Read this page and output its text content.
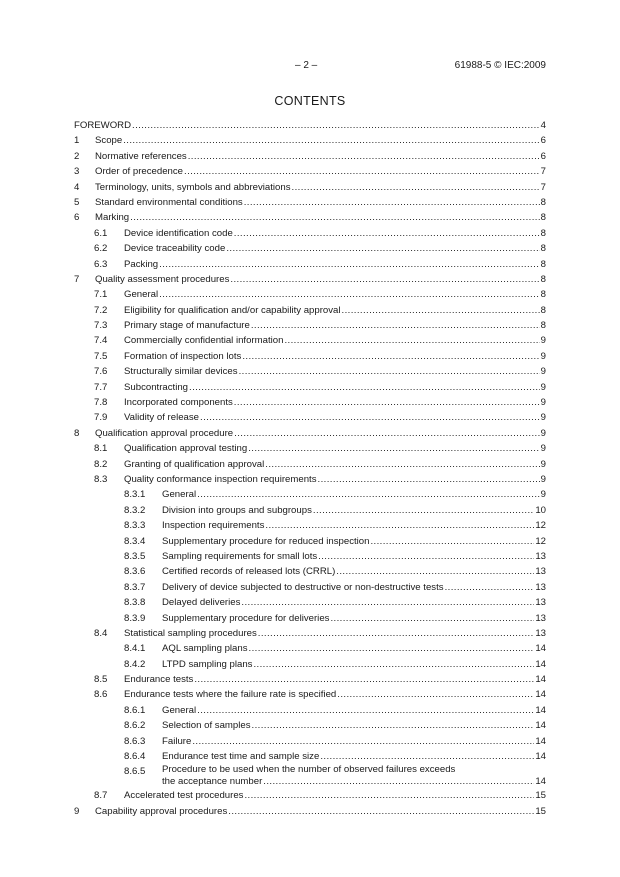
– 2 –	61988-5 © IEC:2009
CONTENTS
FOREWORD .....	4
1 Scope .....	6
2 Normative references .....	6
3 Order of precedence .....	7
4 Terminology, units, symbols and abbreviations .....	7
5 Standard environmental conditions .....	8
6 Marking .....	8
6.1 Device identification code .....	8
6.2 Device traceability code .....	8
6.3 Packing .....	8
7 Quality assessment procedures .....	8
7.1 General .....	8
7.2 Eligibility for qualification and/or capability approval .....	8
7.3 Primary stage of manufacture .....	8
7.4 Commercially confidential information .....	9
7.5 Formation of inspection lots .....	9
7.6 Structurally similar devices .....	9
7.7 Subcontracting .....	9
7.8 Incorporated components .....	9
7.9 Validity of release .....	9
8 Qualification approval procedure .....	9
8.1 Qualification approval testing .....	9
8.2 Granting of qualification approval .....	9
8.3 Quality conformance inspection requirements .....	9
8.3.1 General .....	9
8.3.2 Division into groups and subgroups .....	10
8.3.3 Inspection requirements .....	12
8.3.4 Supplementary procedure for reduced inspection .....	12
8.3.5 Sampling requirements for small lots .....	13
8.3.6 Certified records of released lots (CRRL) .....	13
8.3.7 Delivery of device subjected to destructive or non-destructive tests .....	13
8.3.8 Delayed deliveries .....	13
8.3.9 Supplementary procedure for deliveries .....	13
8.4 Statistical sampling procedures .....	13
8.4.1 AQL sampling plans .....	14
8.4.2 LTPD sampling plans .....	14
8.5 Endurance tests .....	14
8.6 Endurance tests where the failure rate is specified .....	14
8.6.1 General .....	14
8.6.2 Selection of samples .....	14
8.6.3 Failure .....	14
8.6.4 Endurance test time and sample size .....	14
8.6.5 Procedure to be used when the number of observed failures exceeds
the acceptance number .....	14
8.7 Accelerated test procedures .....	15
9 Capability approval procedures .....	15
